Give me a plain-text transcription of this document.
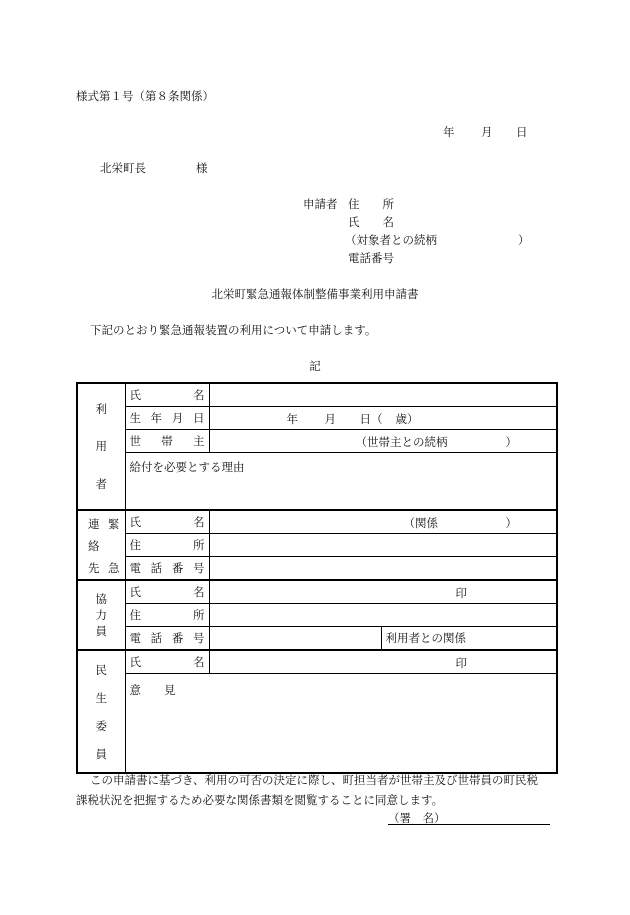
様式第１号（第８条関係）
年 月 日
北栄町長	様
申請者 住　　所
氏　　名
（対象者との続柄	）
電話番号
北栄町緊急通報体制整備事業利用申請書
下記のとおり緊急通報装置の利用について申請します。
記
利
用
者	氏 名		

	生 年 月 日	年 月 日（ 歳）	

	世 帯 主	（世帯主との続柄 ）	

	給付を必要とする理由		

連
絡
先
緊
急	氏 名	（関係 ）	

	住 所		

	電 話 番 号		

協
力
員	氏 名	印	

	住 所		

	電 話 番 号		利用者との関係

民
生
委
員	氏 名	印	

	意　　見		
この申請書に基づき、利用の可否の決定に際し、町担当者が世帯主及び世帯員の町民税
課税状況を把握するため必要な関係書類を閲覧することに同意します。
（署　名）
